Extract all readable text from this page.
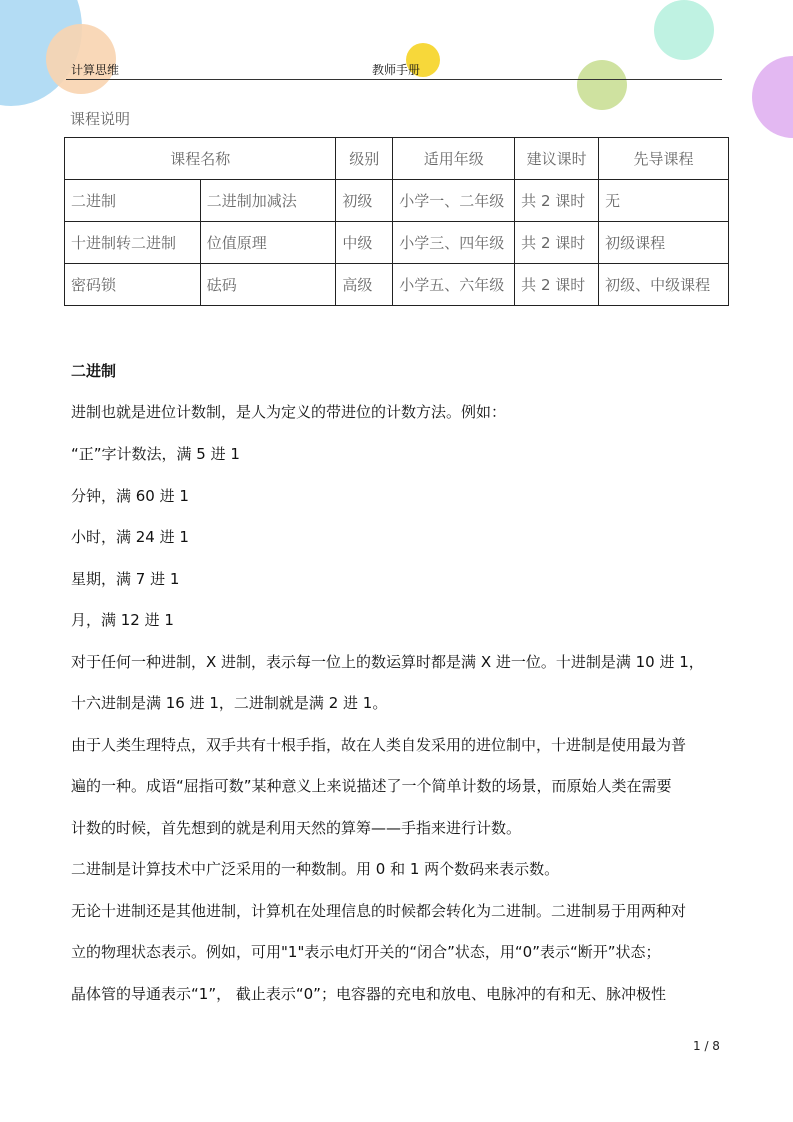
计算思维	教师手册
课程说明
课程名称		级别	适用年级	建议课时	先导课程
二进制	二进制加减法	初级	小学一、二年级	共 2 课时	无
十进制转二进制	位值原理	中级	小学三、四年级	共 2 课时	初级课程
密码锁	砝码	高级	小学五、六年级	共 2 课时	初级、中级课程
二进制
进制也就是进位计数制，是人为定义的带进位的计数方法。例如：
“正”字计数法，满 5 进 1
分钟，满 60 进 1
小时，满 24 进 1
星期，满 7 进 1
月，满 12 进 1
对于任何一种进制，X 进制，表示每一位上的数运算时都是满 X 进一位。十进制是满 10 进 1，
十六进制是满 16 进 1，二进制就是满 2 进 1。
由于人类生理特点，双手共有十根手指，故在人类自发采用的进位制中，十进制是使用最为普
遍的一种。成语“屈指可数”某种意义上来说描述了一个简单计数的场景，而原始人类在需要
计数的时候，首先想到的就是利用天然的算筹——手指来进行计数。
二进制是计算技术中广泛采用的一种数制。用 0 和 1 两个数码来表示数。
无论十进制还是其他进制，计算机在处理信息的时候都会转化为二进制。二进制易于用两种对
立的物理状态表示。例如，可用"1"表示电灯开关的“闭合”状态，用“0”表示“断开”状态；
晶体管的导通表示“1”， 截止表示“0”；电容器的充电和放电、电脉冲的有和无、脉冲极性
1 / 8
